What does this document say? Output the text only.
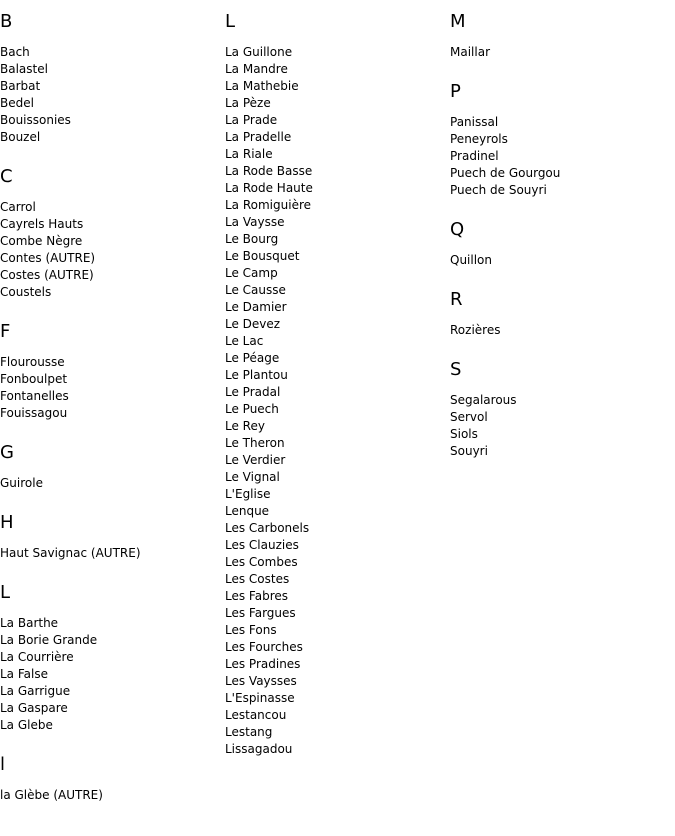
B
Bach
Balastel
Barbat
Bedel
Bouissonies
Bouzel
C
Carrol
Cayrels Hauts
Combe Nègre
Contes (AUTRE)
Costes (AUTRE)
Coustels
F
Flourousse
Fonboulpet
Fontanelles
Fouissagou
G
Guirole
H
Haut Savignac (AUTRE)
L
La Barthe
La Borie Grande
La Courrière
La False
La Garrigue
La Gaspare
La Glebe
l
la Glèbe (AUTRE)
L
La Guillone
La Mandre
La Mathebie
La Pèze
La Prade
La Pradelle
La Riale
La Rode Basse
La Rode Haute
La Romiguière
La Vaysse
Le Bourg
Le Bousquet
Le Camp
Le Causse
Le Damier
Le Devez
Le Lac
Le Péage
Le Plantou
Le Pradal
Le Puech
Le Rey
Le Theron
Le Verdier
Le Vignal
L'Eglise
Lenque
Les Carbonels
Les Clauzies
Les Combes
Les Costes
Les Fabres
Les Fargues
Les Fons
Les Fourches
Les Pradines
Les Vaysses
L'Espinasse
Lestancou
Lestang
Lissagadou
M
Maillar
P
Panissal
Peneyrols
Pradinel
Puech de Gourgou
Puech de Souyri
Q
Quillon
R
Rozières
S
Segalarous
Servol
Siols
Souyri
